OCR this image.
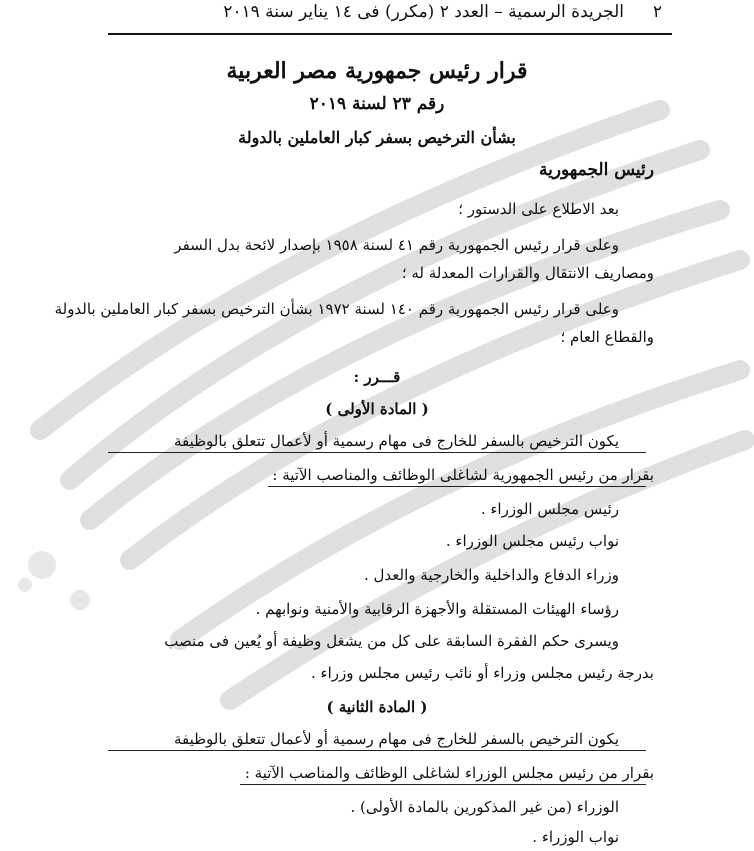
٢
الجريدة الرسمية – العدد ٢ (مكرر) فى ١٤ يناير سنة ٢٠١٩
قرار رئيس جمهورية مصر العربية
رقم ٢٣ لسنة ٢٠١٩
بشأن الترخيص بسفر كبار العاملين بالدولة
رئيس الجمهورية
بعد الاطلاع على الدستور ؛
وعلى قرار رئيس الجمهورية رقم ٤١ لسنة ١٩٥٨ بإصدار لائحة بدل السفر
ومصاريف الانتقال والقرارات المعدلة له ؛
وعلى قرار رئيس الجمهورية رقم ١٤٠ لسنة ١٩٧٢ بشأن الترخيص بسفر كبار العاملين بالدولة
والقطاع العام ؛
قـــرر :
( المادة الأولى )
يكون الترخيص بالسفر للخارج فى مهام رسمية أو لأعمال تتعلق بالوظيفة
بقرار من رئيس الجمهورية لشاغلى الوظائف والمناصب الآتية :
رئيس مجلس الوزراء .
نواب رئيس مجلس الوزراء .
وزراء الدفاع والداخلية والخارجية والعدل .
رؤساء الهيئات المستقلة والأجهزة الرقابية والأمنية ونوابهم .
ويسرى حكم الفقرة السابقة على كل من يشغل وظيفة أو يُعين فى منصب
بدرجة رئيس مجلس وزراء أو نائب رئيس مجلس وزراء .
( المادة الثانية )
يكون الترخيص بالسفر للخارج فى مهام رسمية أو لأعمال تتعلق بالوظيفة
بقرار من رئيس مجلس الوزراء لشاغلى الوظائف والمناصب الآتية :
الوزراء (من غير المذكورين بالمادة الأولى) .
نواب الوزراء .
